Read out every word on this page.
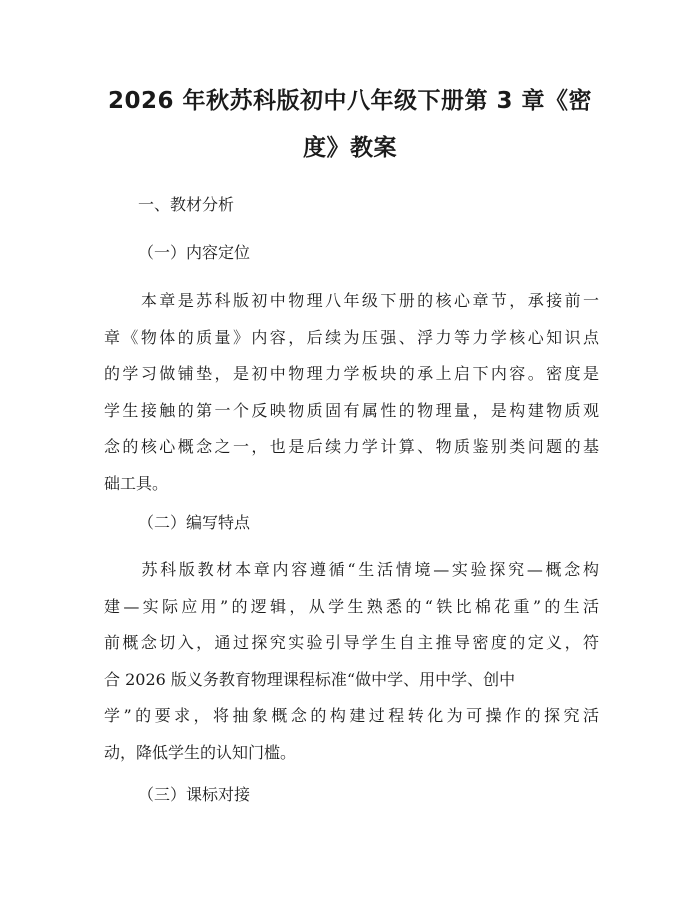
2026 年秋苏科版初中八年级下册第 3 章《密
度》教案

一、教材分析

（一）内容定位

　　本章是苏科版初中物理八年级下册的核心章节，承接前一
章《物体的质量》内容，后续为压强、浮力等力学核心知识点
的学习做铺垫，是初中物理力学板块的承上启下内容。密度是
学生接触的第一个反映物质固有属性的物理量，是构建物质观
念的核心概念之一，也是后续力学计算、物质鉴别类问题的基
础工具。

（二）编写特点

　　苏科版教材本章内容遵循“生活情境—实验探究—概念构
建—实际应用”的逻辑，从学生熟悉的“铁比棉花重”的生活
前概念切入，通过探究实验引导学生自主推导密度的定义，符
合 2026 版义务教育物理课程标准“做中学、用中学、创中
学”的要求，将抽象概念的构建过程转化为可操作的探究活
动，降低学生的认知门槛。

（三）课标对接
